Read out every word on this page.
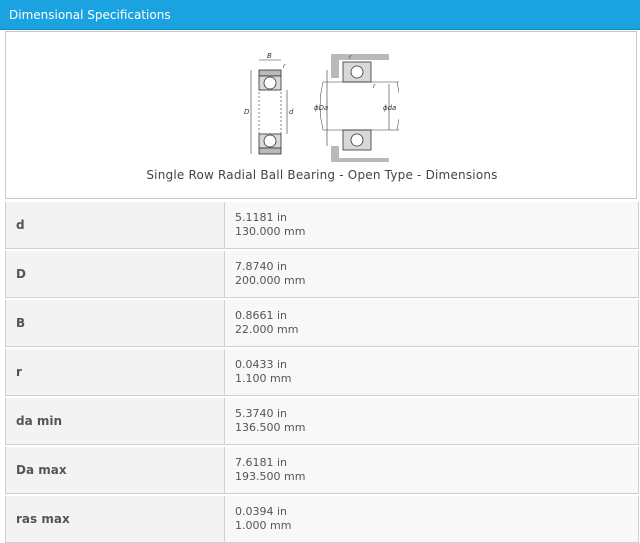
Dimensional Specifications
B
r
D	d
r
r
ϕDa	ϕda
Single Row Radial Ball Bearing - Open Type - Dimensions
d
5.1181 in
130.000 mm
D
7.8740 in
200.000 mm
B
0.8661 in
22.000 mm
r
0.0433 in
1.100 mm
da min
5.3740 in
136.500 mm
Da max
7.6181 in
193.500 mm
ras max
0.0394 in
1.000 mm
